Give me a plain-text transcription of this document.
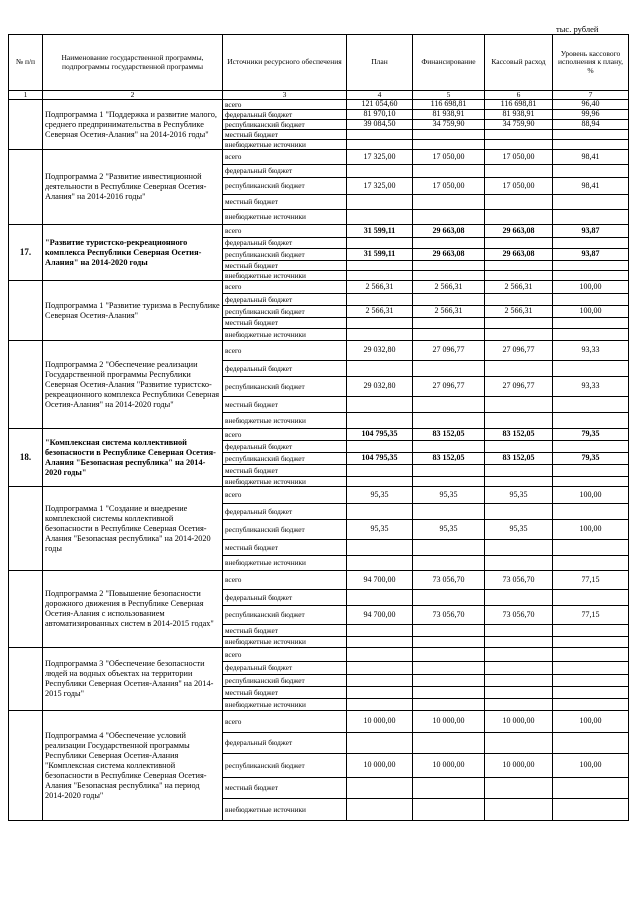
тыс. рублей
№ п/п	Наименование государственной программы, подпрограммы государственной программы	Источники ресурсного обеспечения	План	Финансирование	Кассовый расход	Уровень кассового исполнения к плану, %
1	2	3	4	5	6	7
	Подпрограмма 1 "Поддержка и развитие малого, среднего предпринимательства в Республике Северная Осетия-Алания" на 2014-2016 годы"	всего	121 054,60	116 698,81	116 698,81	96,40
		федеральный бюджет	81 970,10	81 938,91	81 938,91	99,96
		республиканский бюджет	39 084,50	34 759,90	34 759,90	88,94
		местный бюджет				
		внебюджетные источники				
	Подпрограмма 2 "Развитие инвестиционной деятельности в Республике Северная Осетия-Алания" на 2014-2016 годы"	всего	17 325,00	17 050,00	17 050,00	98,41
		федеральный бюджет				
		республиканский бюджет	17 325,00	17 050,00	17 050,00	98,41
		местный бюджет				
		внебюджетные источники				
17.	"Развитие туристско-рекреационного комплекса Республики Северная Осетия-Алания" на 2014-2020 годы	всего	31 599,11	29 663,08	29 663,08	93,87
		федеральный бюджет				
		республиканский бюджет	31 599,11	29 663,08	29 663,08	93,87
		местный бюджет				
		внебюджетные источники				
	Подпрограмма 1 "Развитие туризма в Республике Северная Осетия-Алания"	всего	2 566,31	2 566,31	2 566,31	100,00
		федеральный бюджет				
		республиканский бюджет	2 566,31	2 566,31	2 566,31	100,00
		местный бюджет				
		внебюджетные источники				
	Подпрограмма 2 "Обеспечение реализации Государственной программы Республики Северная Осетия-Алания "Развитие туристско-рекреационного комплекса Республики Северная Осетия-Алания" на 2014-2020 годы"	всего	29 032,80	27 096,77	27 096,77	93,33
		федеральный бюджет				
		республиканский бюджет	29 032,80	27 096,77	27 096,77	93,33
		местный бюджет				
		внебюджетные источники				
18.	"Комплексная система коллективной безопасности в Республике Северная Осетия-Алания "Безопасная республика" на 2014-2020 годы"	всего	104 795,35	83 152,05	83 152,05	79,35
		федеральный бюджет				
		республиканский бюджет	104 795,35	83 152,05	83 152,05	79,35
		местный бюджет				
		внебюджетные источники				
	Подпрограмма 1 "Создание и внедрение комплексной системы коллективной безопасности в Республике Северная Осетия-Алания "Безопасная республика" на 2014-2020 годы	всего	95,35	95,35	95,35	100,00
		федеральный бюджет				
		республиканский бюджет	95,35	95,35	95,35	100,00
		местный бюджет				
		внебюджетные источники				
	Подпрограмма 2 "Повышение безопасности дорожного движения в Республике Северная Осетия-Алания с использованием автоматизированных систем в 2014-2015 годах"	всего	94 700,00	73 056,70	73 056,70	77,15
		федеральный бюджет				
		республиканский бюджет	94 700,00	73 056,70	73 056,70	77,15
		местный бюджет				
		внебюджетные источники				
	Подпрограмма 3 "Обеспечение безопасности людей на водных объектах на территории Республики Северная Осетия-Алания" на 2014-2015 годы"	всего				
		федеральный бюджет				
		республиканский бюджет				
		местный бюджет				
		внебюджетные источники				
	Подпрограмма 4 "Обеспечение условий реализации Государственной программы Республики Северная Осетия-Алания "Комплексная система коллективной безопасности в Республике Северная Осетия-Алания "Безопасная республика" на период 2014-2020 годы"	всего	10 000,00	10 000,00	10 000,00	100,00
		федеральный бюджет				
		республиканский бюджет	10 000,00	10 000,00	10 000,00	100,00
		местный бюджет				
		внебюджетные источники				
